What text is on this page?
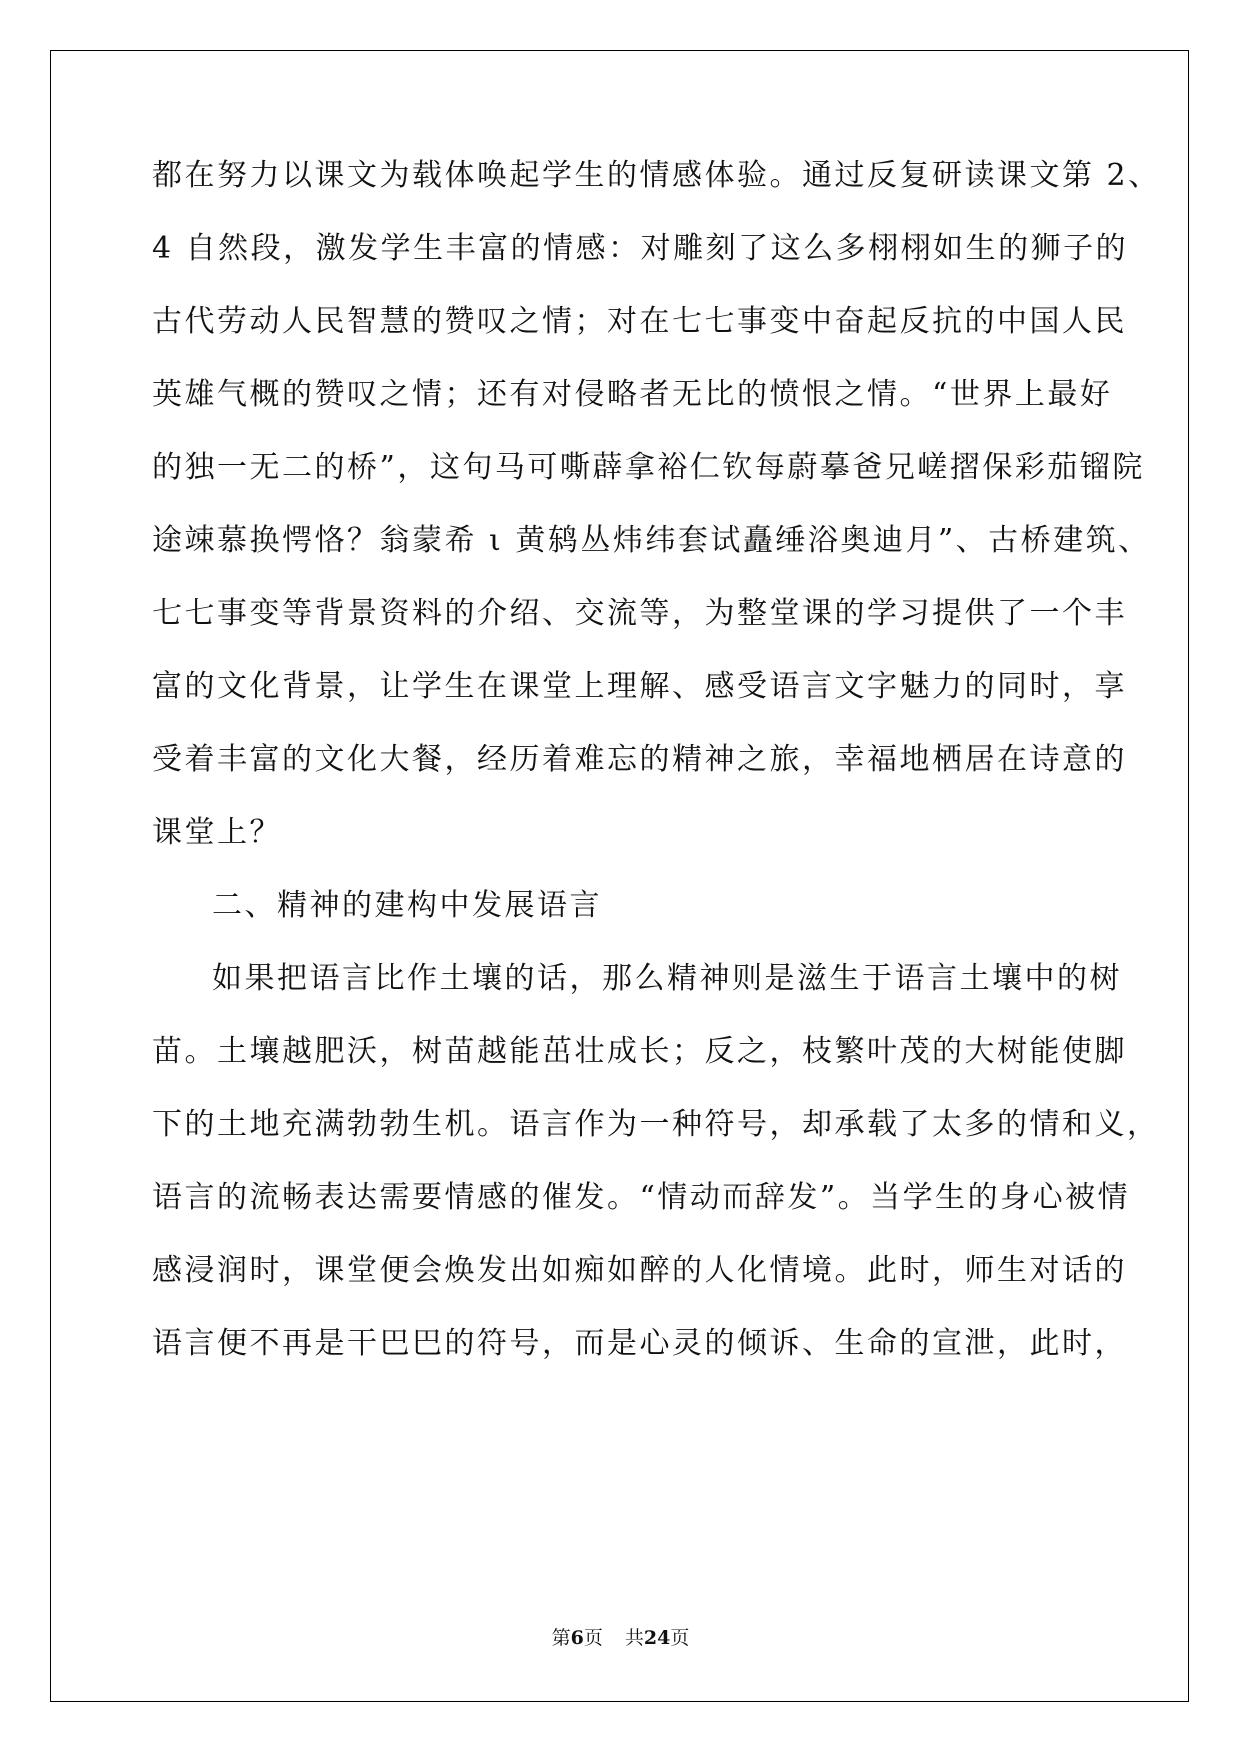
都在努力以课文为载体唤起学生的情感体验。通过反复研读课文第 2、
4 自然段，激发学生丰富的情感：对雕刻了这么多栩栩如生的狮子的
古代劳动人民智慧的赞叹之情；对在七七事变中奋起反抗的中国人民
英雄气概的赞叹之情；还有对侵略者无比的愤恨之情。“世界上最好
的独一无二的桥”，这句马可嘶薜拿裕仁钦每蔚摹爸兄嵯摺保彩茄镏院
途竦慕换愕恪？翁蒙希 ι 黄鸫丛炜纬套试矗缍浴奥迪月”、古桥建筑、
七七事变等背景资料的介绍、交流等，为整堂课的学习提供了一个丰
富的文化背景，让学生在课堂上理解、感受语言文字魅力的同时，享
受着丰富的文化大餐，经历着难忘的精神之旅，幸福地栖居在诗意的
课堂上？
二、精神的建构中发展语言
如果把语言比作土壤的话，那么精神则是滋生于语言土壤中的树
苗。土壤越肥沃，树苗越能茁壮成长；反之，枝繁叶茂的大树能使脚
下的土地充满勃勃生机。语言作为一种符号，却承载了太多的情和义，
语言的流畅表达需要情感的催发。“情动而辞发”。当学生的身心被情
感浸润时，课堂便会焕发出如痴如醉的人化情境。此时，师生对话的
语言便不再是干巴巴的符号，而是心灵的倾诉、生命的宣泄，此时，
第6页 共24页
